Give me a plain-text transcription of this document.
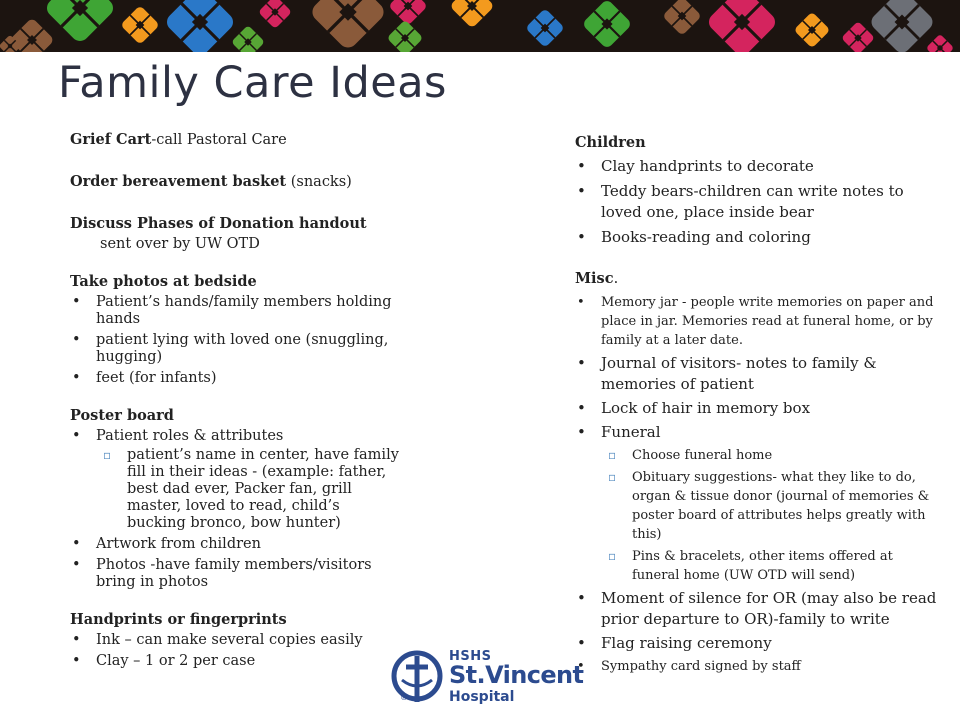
Family Care Ideas

Grief Cart-call Pastoral Care

Order bereavement basket (snacks)

Discuss Phases of Donation handout

sent over by UW OTD

Take photos at bedside

• Patient’s hands/family members holding hands
• patient lying with loved one (snuggling, hugging)
• feet (for infants)

Poster board

• Patient roles & attributes
▫ patient’s name in center, have family fill in their ideas - (example: father, best dad ever, Packer fan, grill master, loved to read, child’s bucking bronco, bow hunter)
• Artwork from children
• Photos -have family members/visitors bring in photos

Handprints or fingerprints

• Ink – can make several copies easily
• Clay – 1 or 2 per case

Children

• Clay handprints to decorate
• Teddy bears-children can write notes to loved one, place inside bear
• Books-reading and coloring

Misc.

• Memory jar - people write memories on paper and place in jar. Memories read at funeral home, or by family at a later date.
• Journal of visitors- notes to family & memories of patient
• Lock of hair in memory box
• Funeral
▫ Choose funeral home
▫ Obituary suggestions- what they like to do, organ & tissue donor (journal of memories & poster board of attributes helps greatly with this)
▫ Pins & bracelets, other items offered at funeral home (UW OTD will send)
• Moment of silence for OR (may also be read prior departure to OR)-family to write
• Flag raising ceremony
• Sympathy card signed by staff
HSHS
St.Vincent
Hospital
®
